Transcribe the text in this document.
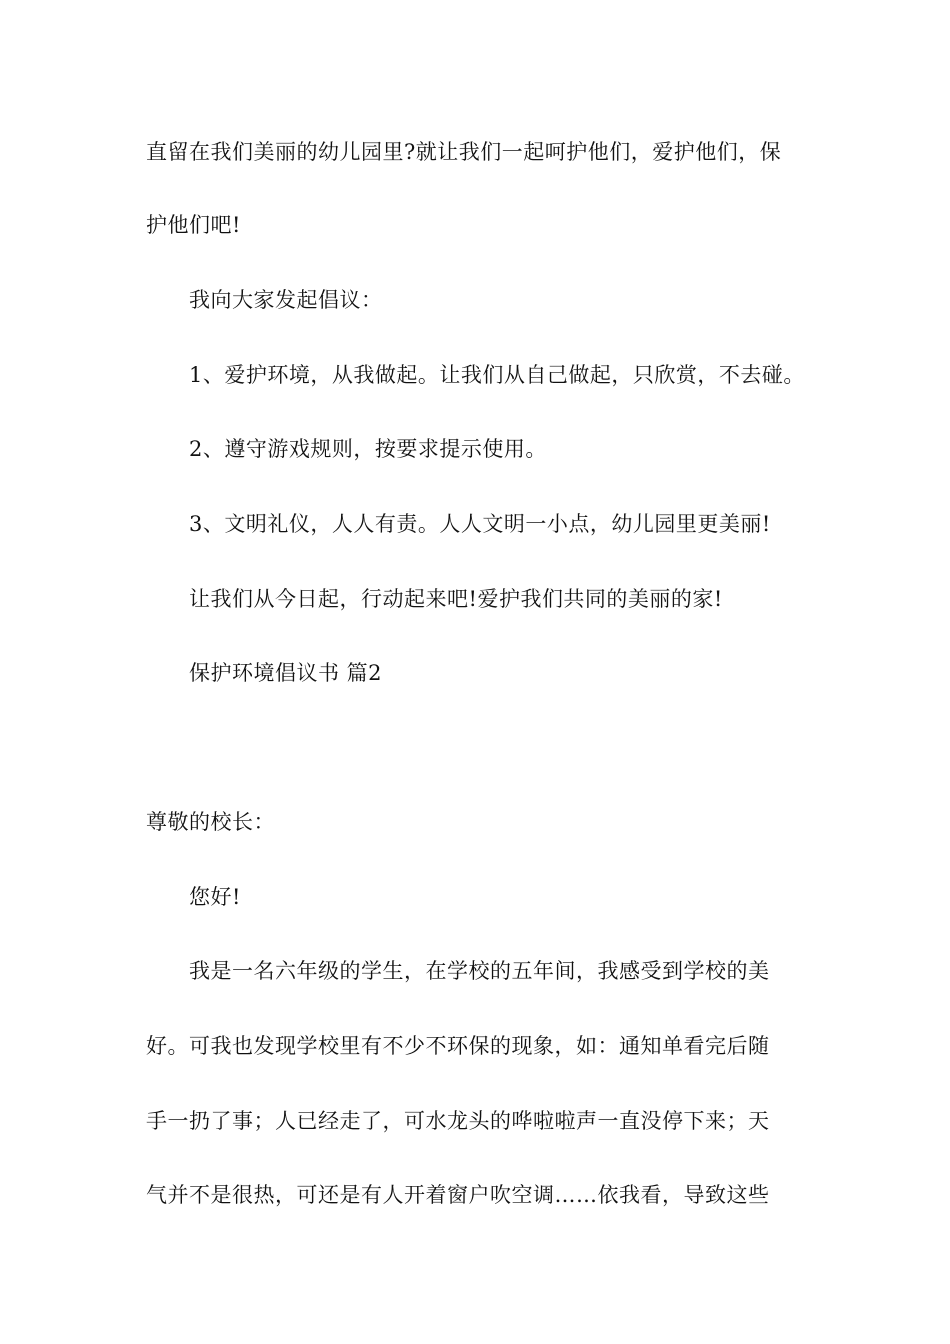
直留在我们美丽的幼儿园里?就让我们一起呵护他们，爱护他们，保
护他们吧!
我向大家发起倡议：
1、爱护环境，从我做起。让我们从自己做起，只欣赏，不去碰。
2、遵守游戏规则，按要求提示使用。
3、文明礼仪，人人有责。人人文明一小点，幼儿园里更美丽!
让我们从今日起，行动起来吧!爱护我们共同的美丽的家!
保护环境倡议书 篇2
尊敬的校长：
您好!
我是一名六年级的学生，在学校的五年间，我感受到学校的美
好。可我也发现学校里有不少不环保的现象，如：通知单看完后随
手一扔了事；人已经走了，可水龙头的哗啦啦声一直没停下来；天
气并不是很热，可还是有人开着窗户吹空调……依我看，导致这些
